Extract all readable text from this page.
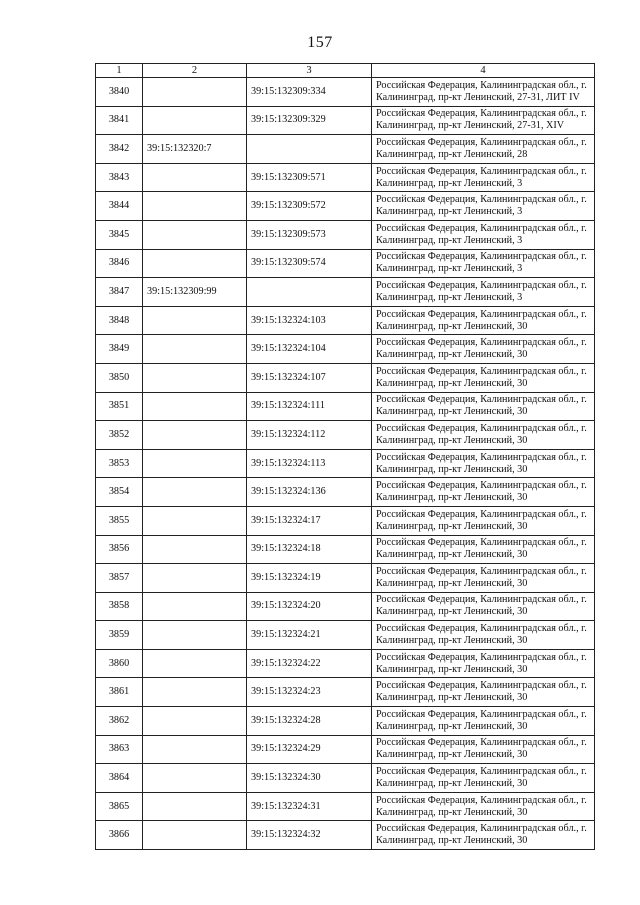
157
1	2	3	4
3840		39:15:132309:334	Российская Федерация, Калининградская обл., г. Калининград, пр-кт Ленинский, 27-31, ЛИТ IV
3841		39:15:132309:329	Российская Федерация, Калининградская обл., г. Калининград, пр-кт Ленинский, 27-31, XIV
3842	39:15:132320:7		Российская Федерация, Калининградская обл., г. Калининград, пр-кт Ленинский, 28
3843		39:15:132309:571	Российская Федерация, Калининградская обл., г. Калининград, пр-кт Ленинский, 3
3844		39:15:132309:572	Российская Федерация, Калининградская обл., г. Калининград, пр-кт Ленинский, 3
3845		39:15:132309:573	Российская Федерация, Калининградская обл., г. Калининград, пр-кт Ленинский, 3
3846		39:15:132309:574	Российская Федерация, Калининградская обл., г. Калининград, пр-кт Ленинский, 3
3847	39:15:132309:99		Российская Федерация, Калининградская обл., г. Калининград, пр-кт Ленинский, 3
3848		39:15:132324:103	Российская Федерация, Калининградская обл., г. Калининград, пр-кт Ленинский, 30
3849		39:15:132324:104	Российская Федерация, Калининградская обл., г. Калининград, пр-кт Ленинский, 30
3850		39:15:132324:107	Российская Федерация, Калининградская обл., г. Калининград, пр-кт Ленинский, 30
3851		39:15:132324:111	Российская Федерация, Калининградская обл., г. Калининград, пр-кт Ленинский, 30
3852		39:15:132324:112	Российская Федерация, Калининградская обл., г. Калининград, пр-кт Ленинский, 30
3853		39:15:132324:113	Российская Федерация, Калининградская обл., г. Калининград, пр-кт Ленинский, 30
3854		39:15:132324:136	Российская Федерация, Калининградская обл., г. Калининград, пр-кт Ленинский, 30
3855		39:15:132324:17	Российская Федерация, Калининградская обл., г. Калининград, пр-кт Ленинский, 30
3856		39:15:132324:18	Российская Федерация, Калининградская обл., г. Калининград, пр-кт Ленинский, 30
3857		39:15:132324:19	Российская Федерация, Калининградская обл., г. Калининград, пр-кт Ленинский, 30
3858		39:15:132324:20	Российская Федерация, Калининградская обл., г. Калининград, пр-кт Ленинский, 30
3859		39:15:132324:21	Российская Федерация, Калининградская обл., г. Калининград, пр-кт Ленинский, 30
3860		39:15:132324:22	Российская Федерация, Калининградская обл., г. Калининград, пр-кт Ленинский, 30
3861		39:15:132324:23	Российская Федерация, Калининградская обл., г. Калининград, пр-кт Ленинский, 30
3862		39:15:132324:28	Российская Федерация, Калининградская обл., г. Калининград, пр-кт Ленинский, 30
3863		39:15:132324:29	Российская Федерация, Калининградская обл., г. Калининград, пр-кт Ленинский, 30
3864		39:15:132324:30	Российская Федерация, Калининградская обл., г. Калининград, пр-кт Ленинский, 30
3865		39:15:132324:31	Российская Федерация, Калининградская обл., г. Калининград, пр-кт Ленинский, 30
3866		39:15:132324:32	Российская Федерация, Калининградская обл., г. Калининград, пр-кт Ленинский, 30
